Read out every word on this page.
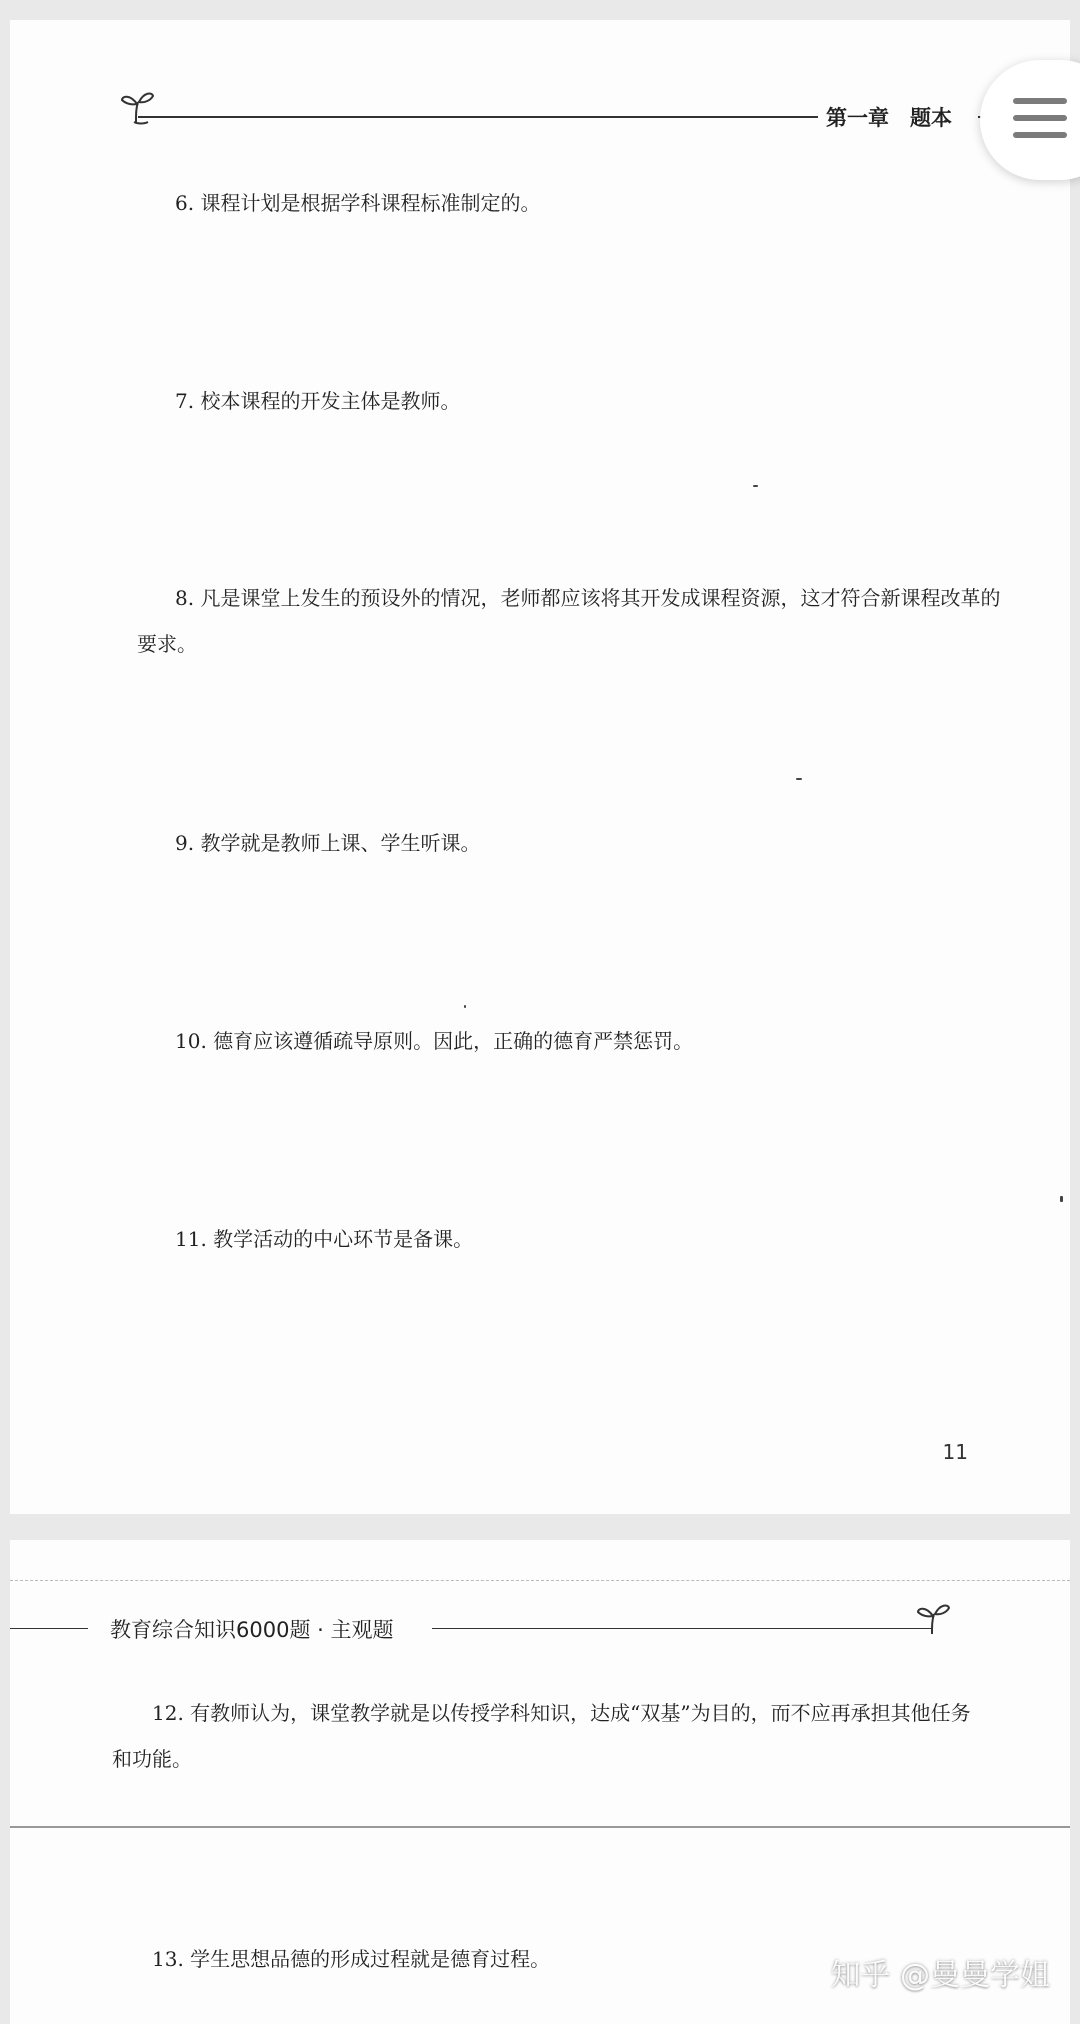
第一章　题本
6. 课程计划是根据学科课程标准制定的。
7. 校本课程的开发主体是教师。
8. 凡是课堂上发生的预设外的情况，老师都应该将其开发成课程资源，这才符合新课程改革的要求。
9. 教学就是教师上课、学生听课。
10. 德育应该遵循疏导原则。因此，正确的德育严禁惩罚。
11. 教学活动的中心环节是备课。
11
教育综合知识6000题 · 主观题
12. 有教师认为，课堂教学就是以传授学科知识，达成“双基”为目的，而不应再承担其他任务和功能。
13. 学生思想品德的形成过程就是德育过程。	知乎 @曼曼学姐
